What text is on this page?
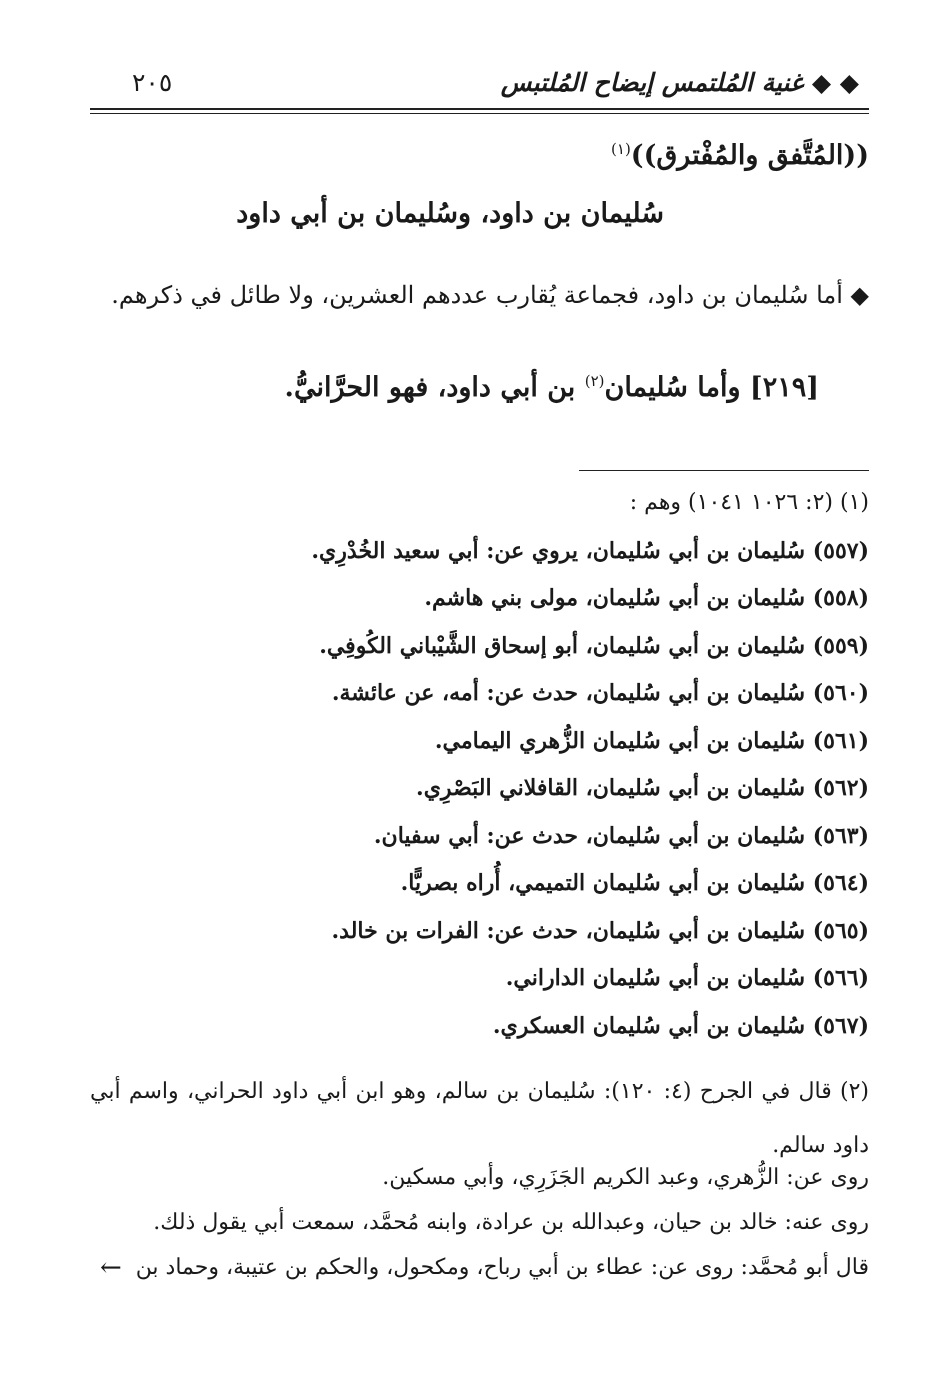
◆ ◆ غنية المُلتمس إيضاح المُلتبس
٢٠٥
((المُتَّفق والمُفْترق))$^{(١)}$
سُليمان بن داود، وسُليمان بن أبي داود
◆ أما سُليمان بن داود، فجماعة يُقارب عددهم العشرين، ولا طائل في ذكرهم.
[٢١٩] وأما سُليمان$^{(٢)}$ بن أبي داود، فهو الحرَّانيُّ.
(١) (٢: ١٠٢٦ ١٠٤١) وهم :
(٥٥٧) سُليمان بن أبي سُليمان، يروي عن: أبي سعيد الخُدْرِي.
(٥٥٨) سُليمان بن أبي سُليمان، مولى بني هاشم.
(٥٥٩) سُليمان بن أبي سُليمان، أبو إسحاق الشَّيْباني الكُوفِي.
(٥٦٠) سُليمان بن أبي سُليمان، حدث عن: أمه، عن عائشة.
(٥٦١) سُليمان بن أبي سُليمان الزُّهري اليمامي.
(٥٦٢) سُليمان بن أبي سُليمان، القافلاني البَصْرِي.
(٥٦٣) سُليمان بن أبي سُليمان، حدث عن: أبي سفيان.
(٥٦٤) سُليمان بن أبي سُليمان التميمي، أُراه بصريًّا.
(٥٦٥) سُليمان بن أبي سُليمان، حدث عن: الفرات بن خالد.
(٥٦٦) سُليمان بن أبي سُليمان الداراني.
(٥٦٧) سُليمان بن أبي سُليمان العسكري.
(٢) قال في الجرح (٤: ١٢٠): سُليمان بن سالم، وهو ابن أبي داود الحراني، واسم أبي داود سالم.
روى عن: الزُّهري، وعبد الكريم الجَزَرِي، وأبي مسكين.
روى عنه: خالد بن حيان، وعبدالله بن عرادة، وابنه مُحمَّد، سمعت أبي يقول ذلك.
قال أبو مُحمَّد: روى عن: عطاء بن أبي رباح، ومكحول، والحكم بن عتيبة، وحماد بن
←
